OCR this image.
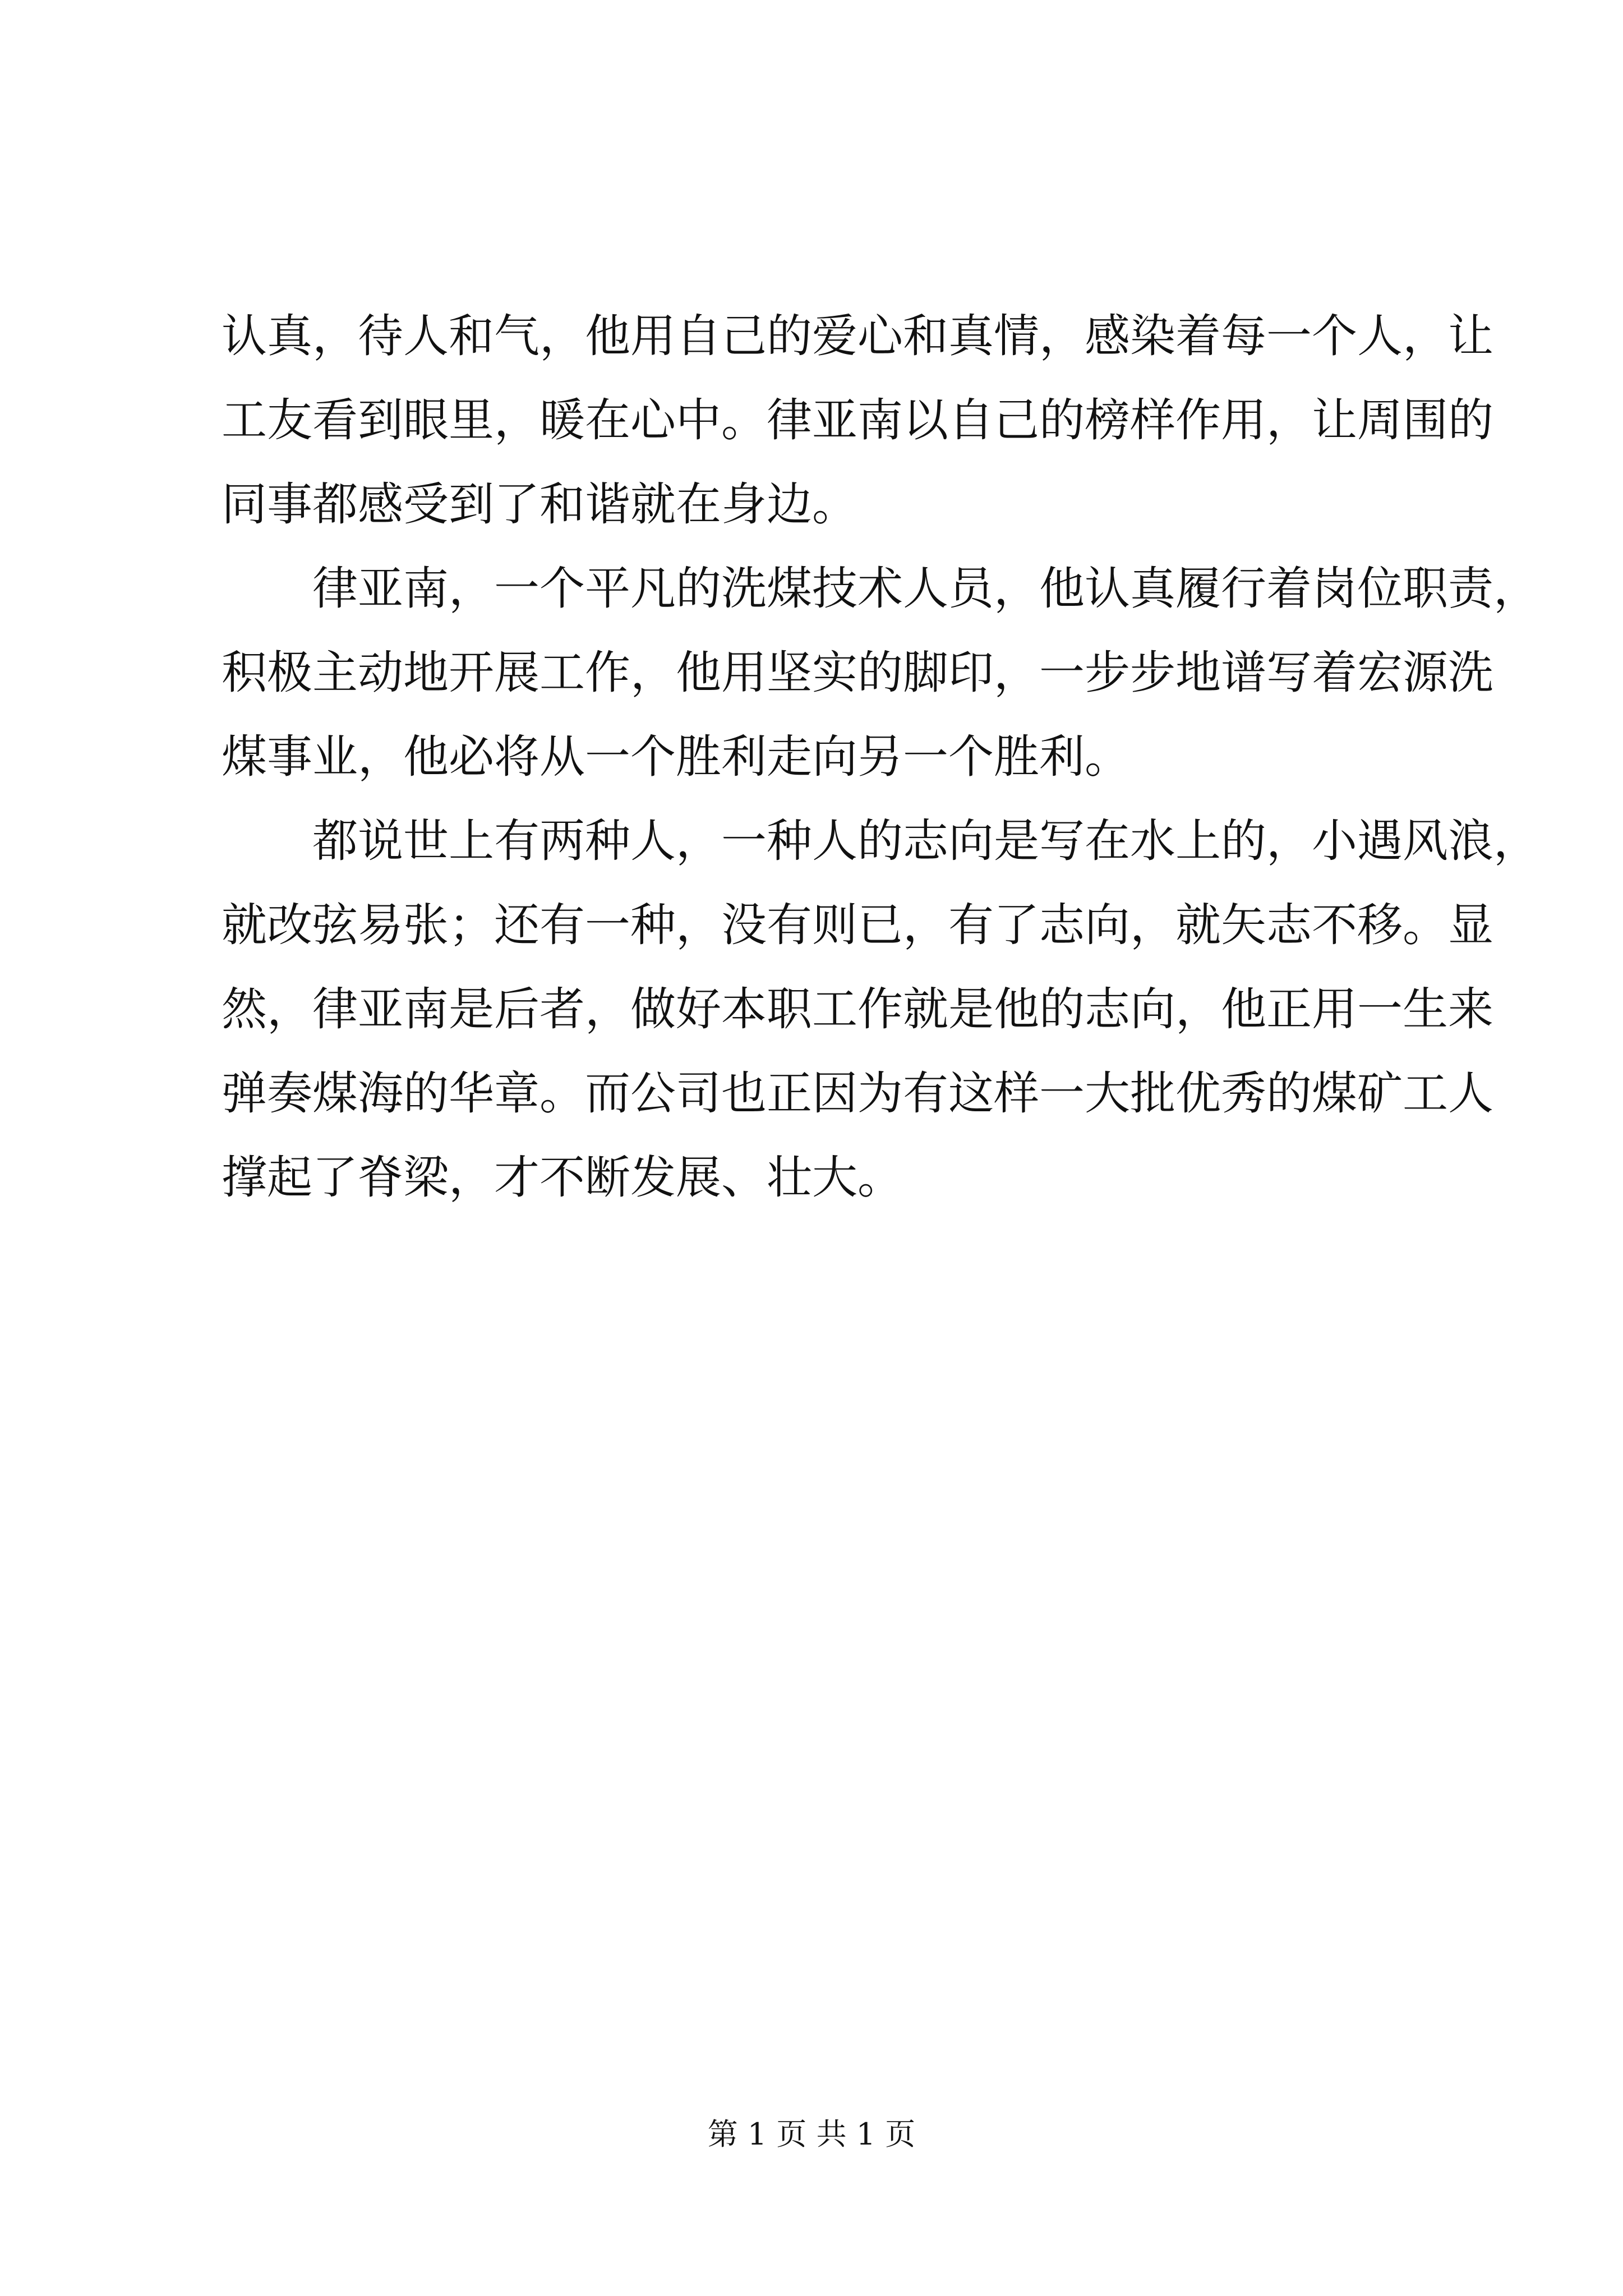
认真，待人和气，他用自己的爱心和真情，感染着每一个人，让
工友看到眼里，暖在心中。律亚南以自己的榜样作用，让周围的
同事都感受到了和谐就在身边。
律亚南，一个平凡的洗煤技术人员，他认真履行着岗位职责，
积极主动地开展工作，他用坚实的脚印，一步步地谱写着宏源洗
煤事业，他必将从一个胜利走向另一个胜利。
都说世上有两种人，一种人的志向是写在水上的，小遇风浪，
就改弦易张；还有一种，没有则已，有了志向，就矢志不移。显
然，律亚南是后者，做好本职工作就是他的志向，他正用一生来
弹奏煤海的华章。而公司也正因为有这样一大批优秀的煤矿工人
撑起了脊梁，才不断发展、壮大。
第 1 页 共 1 页
